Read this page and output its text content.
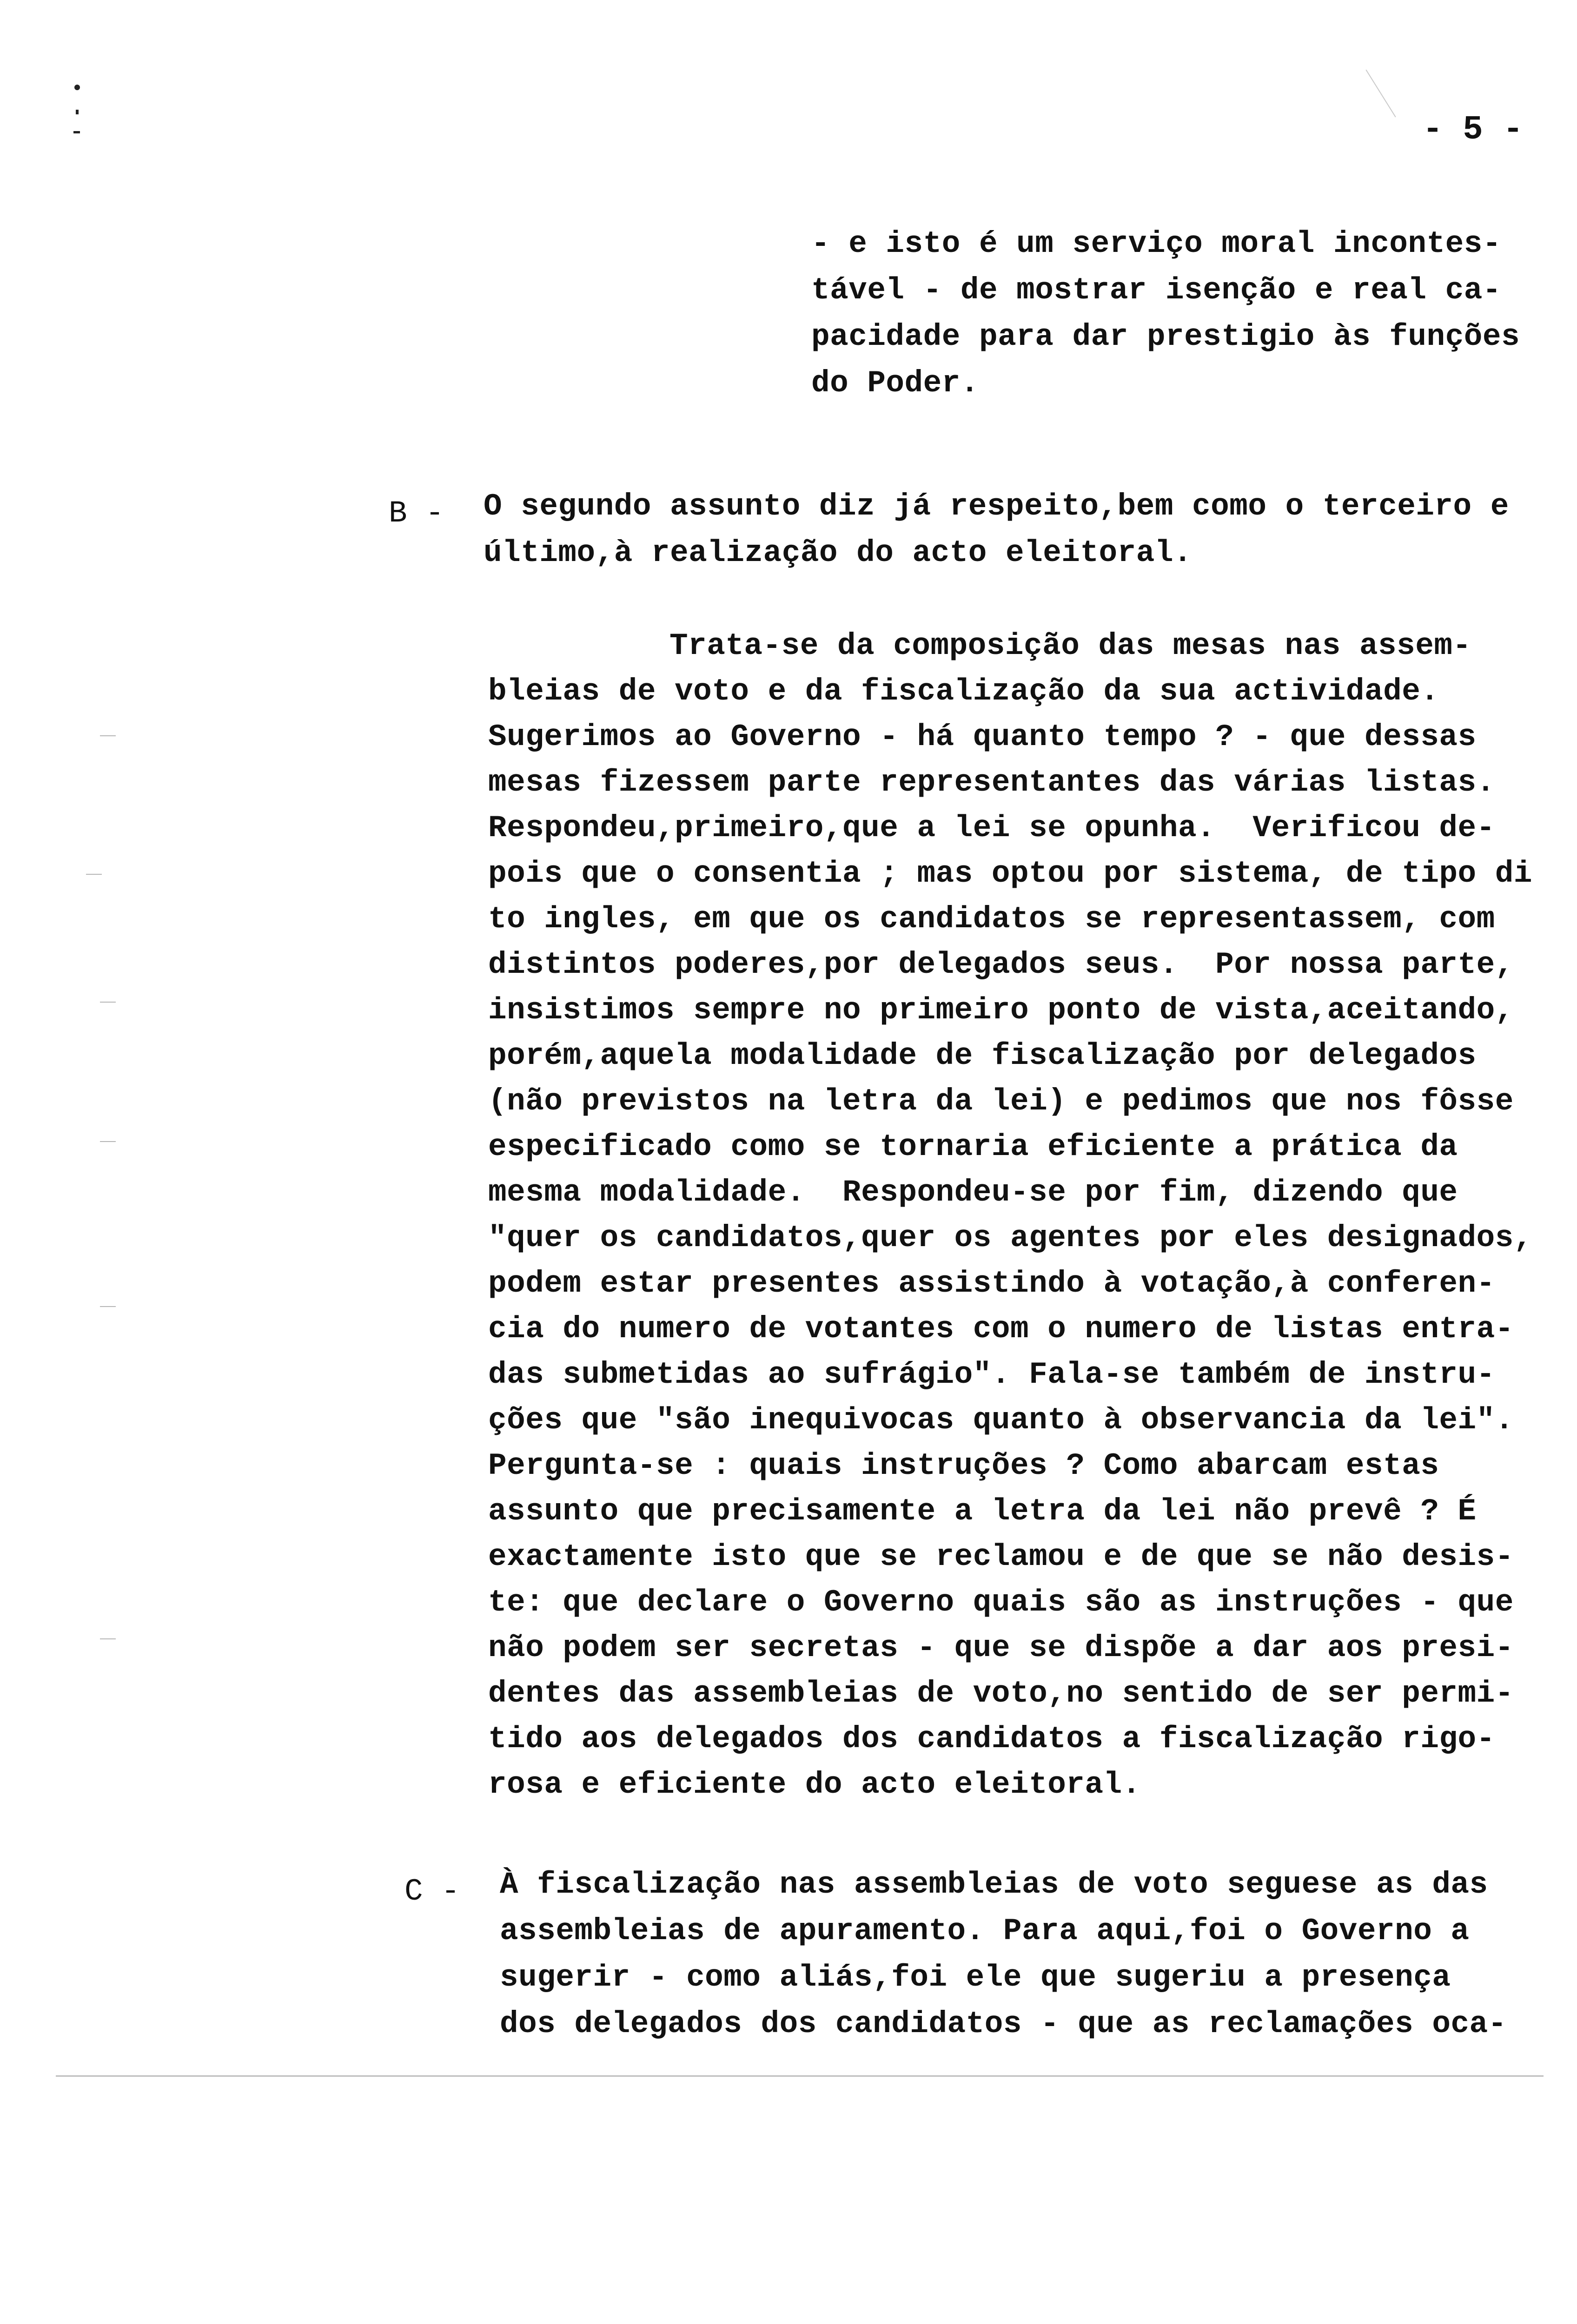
- 5 -
- e isto é um serviço moral incontes-
tável - de mostrar isenção e real ca-
pacidade para dar prestigio às funções
do Poder.
B - O segundo assunto diz já respeito,bem como o terceiro e
último,à realização do acto eleitoral.
Trata-se da composição das mesas nas assem-
bleias de voto e da fiscalização da sua actividade.
Sugerimos ao Governo - há quanto tempo ? - que dessas
mesas fizessem parte representantes das várias listas.
Respondeu,primeiro,que a lei se opunha.  Verificou de-
pois que o consentia ; mas optou por sistema, de tipo di
to ingles, em que os candidatos se representassem, com
distintos poderes,por delegados seus.  Por nossa parte,
insistimos sempre no primeiro ponto de vista,aceitando,
porém,aquela modalidade de fiscalização por delegados
(não previstos na letra da lei) e pedimos que nos fôsse
especificado como se tornaria eficiente a prática da
mesma modalidade.  Respondeu-se por fim, dizendo que
"quer os candidatos,quer os agentes por eles designados,
podem estar presentes assistindo à votação,à conferen-
cia do numero de votantes com o numero de listas entra-
das submetidas ao sufrágio". Fala-se também de instru-
ções que "são inequivocas quanto à observancia da lei".
Pergunta-se : quais instruções ? Como abarcam estas
assunto que precisamente a letra da lei não prevê ? É
exactamente isto que se reclamou e de que se não desis-
te: que declare o Governo quais são as instruções - que
não podem ser secretas - que se dispõe a dar aos presi-
dentes das assembleias de voto,no sentido de ser permi-
tido aos delegados dos candidatos a fiscalização rigo-
rosa e eficiente do acto eleitoral.
C - À fiscalização nas assembleias de voto seguese as das
assembleias de apuramento. Para aqui,foi o Governo a
sugerir - como aliás,foi ele que sugeriu a presença
dos delegados dos candidatos - que as reclamações oca-
